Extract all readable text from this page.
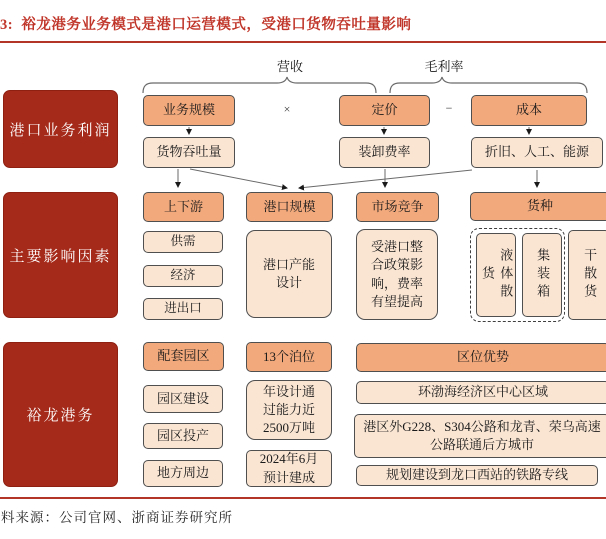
3:  裕龙港务业务模式是港口运营模式，受港口货物吞吐量影响
料来源：公司官网、浙商证券研究所
营收	毛利率
×	−
港口业务利润
主要影响因素
裕龙港务
业务规模	定价	成本
货物吞吐量	装卸费率	折旧、人工、能源
上下游	港口规模	市场竞争	货种
供需
经济
进出口
港口产能设计
受港口整合政策影响，费率有望提高	液体散货	集装箱	干散货
配套园区
园区建设
园区投产
地方周边
13个泊位
年设计通过能力近2500万吨
2024年6月预计建成
区位优势
环渤海经济区中心区域
港区外G228、S304公路和龙青、荣乌高速公路联通后方城市
规划建设到龙口西站的铁路专线
